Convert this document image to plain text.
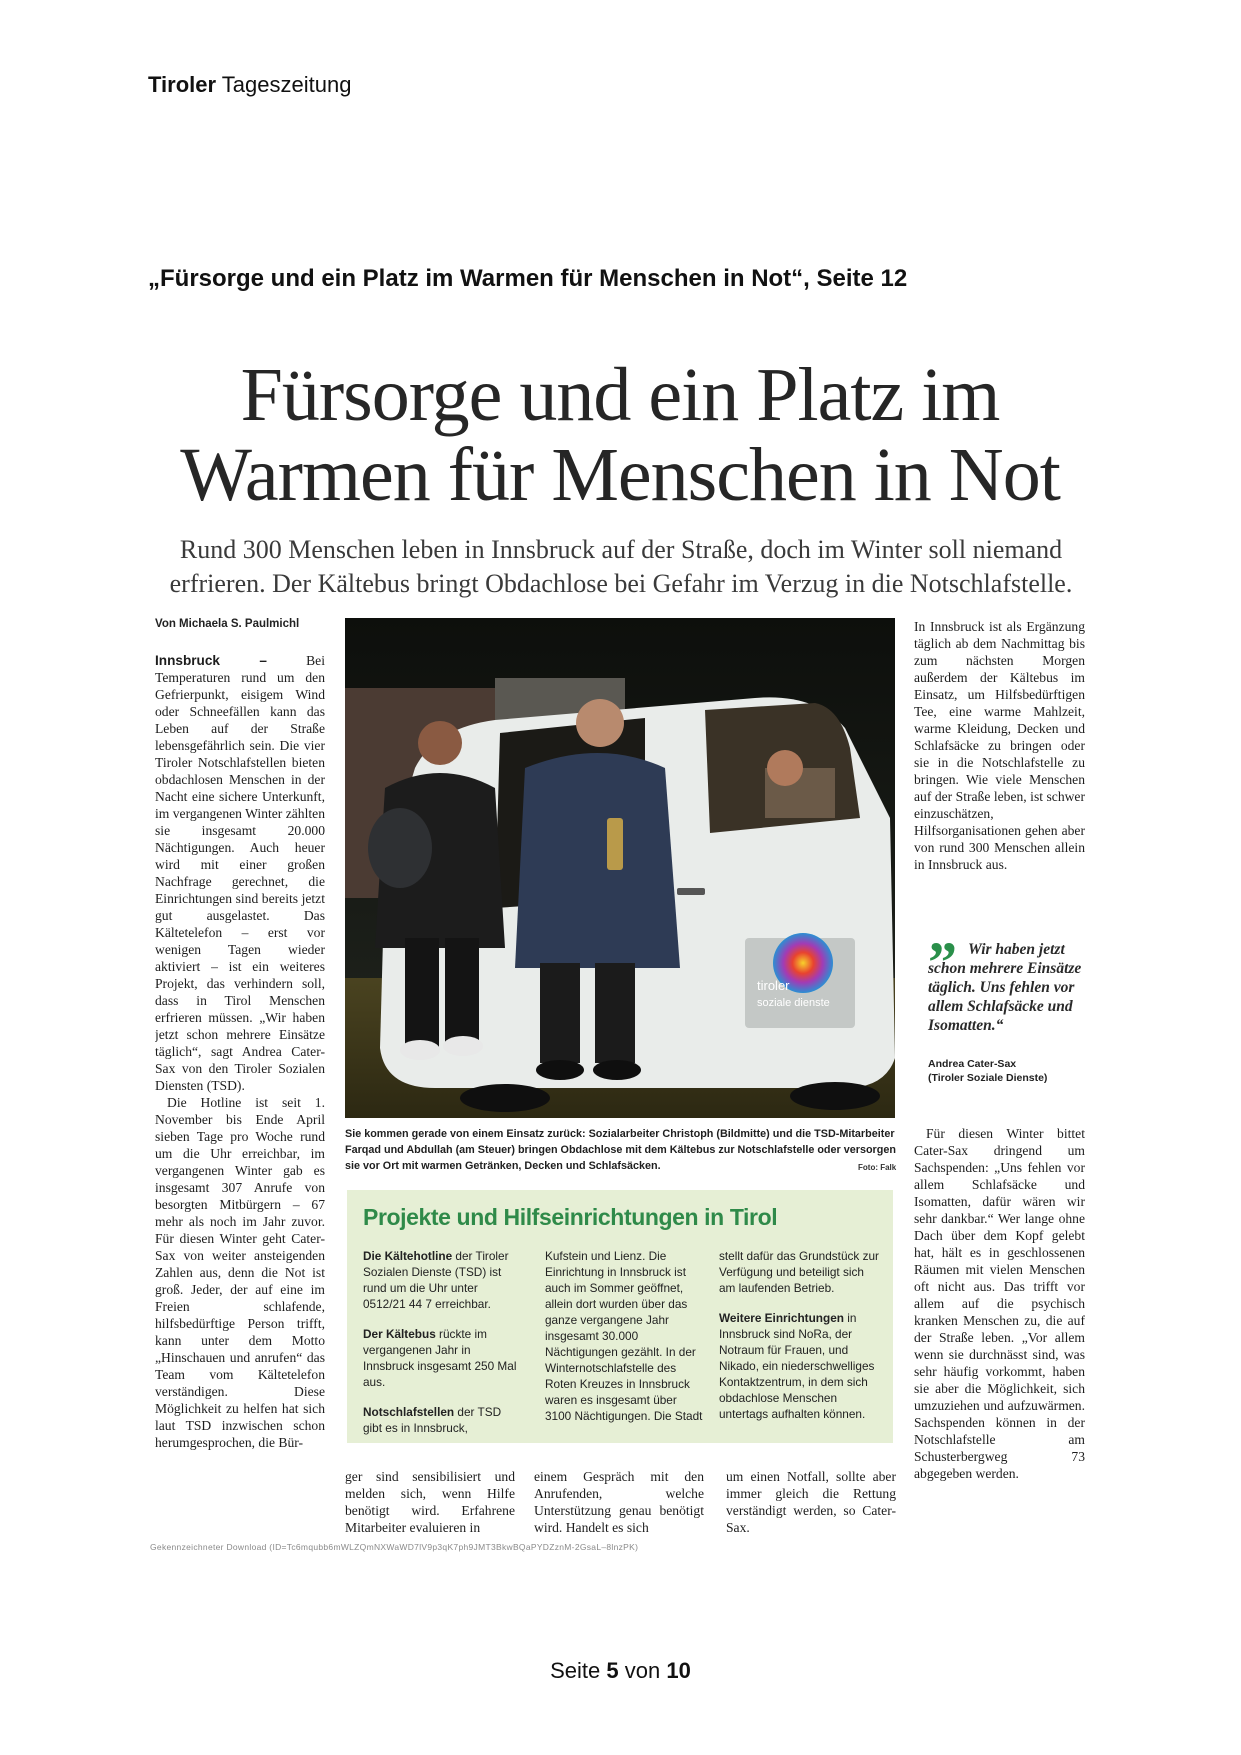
Tiroler Tageszeitung
„Fürsorge und ein Platz im Warmen für Menschen in Not“, Seite 12
Fürsorge und ein Platz im
Warmen für Menschen in Not
Rund 300 Menschen leben in Innsbruck auf der Straße, doch im Winter soll niemand erfrieren. Der Kältebus bringt Obdachlose bei Gefahr im Verzug in die Notschlafstelle.
Von Michaela S. Paulmichl

Innsbruck –	Bei Temperaturen rund um den Gefrierpunkt, eisigem Wind oder Schneefällen kann das Leben auf der Straße lebensgefährlich sein. Die vier Tiroler Notschlafstellen bieten obdachlosen Menschen in der Nacht eine sichere Unterkunft, im vergangenen Winter zählten sie insgesamt 20.000 Nächtigungen. Auch heuer wird mit einer großen Nachfrage gerechnet, die Einrichtungen sind bereits jetzt gut ausgelastet. Das Kältetelefon – erst vor wenigen Tagen wieder aktiviert – ist ein weiteres Projekt, das verhindern soll, dass in Tirol Menschen erfrieren müssen. „Wir haben jetzt schon mehrere Einsätze täglich“, sagt Andrea Cater-Sax von den Tiroler Sozialen Diensten (TSD).

Die Hotline ist seit 1. November bis Ende April sieben Tage pro Woche rund um die Uhr erreichbar, im vergangenen Winter gab es insgesamt 307 Anrufe von besorgten Mitbürgern – 67 mehr als noch im Jahr zuvor. Für diesen Winter geht Cater-Sax von weiter ansteigenden Zahlen aus, denn die Not ist groß. Jeder, der auf eine im Freien schlafende, hilfsbedürftige Person trifft, kann unter dem Motto „Hinschauen und anrufen“ das Team vom Kältetelefon verständigen. Diese Möglichkeit zu helfen hat sich laut TSD inzwischen schon herumgesprochen, die Bür-

tiroler
soziale dienste
Sie kommen gerade von einem Einsatz zurück: Sozialarbeiter Christoph (Bildmitte) und die TSD-Mitarbeiter Farqad und Abdullah (am Steuer) bringen Obdachlose mit dem Kältebus zur Notschlafstelle oder versorgen sie vor Ort mit warmen Getränken, Decken und Schlafsäcken.	Foto: Falk
Projekte und Hilfseinrichtungen in Tirol

Die Kältehotline der Tiroler Sozialen Dienste (TSD) ist rund um die Uhr unter 0512/21 44 7 erreichbar.

Der Kältebus rückte im vergangenen Jahr in Innsbruck insgesamt 250 Mal aus.

Notschlafstellen der TSD gibt es in Innsbruck,

Kufstein und Lienz. Die Einrichtung in Innsbruck ist auch im Sommer geöffnet, allein dort wurden über das ganze vergangene Jahr insgesamt 30.000 Nächtigungen gezählt. In der Winternotschlafstelle des Roten Kreuzes in Innsbruck waren es insgesamt über 3100 Nächtigungen. Die Stadt

stellt dafür das Grundstück zur Verfügung und beteiligt sich am laufenden Betrieb.

Weitere Einrichtungen in Innsbruck sind NoRa, der Notraum für Frauen, und Nikado, ein niederschwelliges Kontaktzentrum, in dem sich obdachlose Menschen untertags aufhalten können.

ger sind sensibilisiert und melden sich, wenn Hilfe benötigt wird. Erfahrene Mitarbeiter evaluieren in
einem Gespräch mit den Anrufenden, welche Unterstützung genau benötigt wird. Handelt es sich
um einen Notfall, sollte aber immer gleich die Rettung verständigt werden, so Cater-Sax.

In Innsbruck ist als Ergänzung täglich ab dem Nachmittag bis zum nächsten Morgen außerdem der Kältebus im Einsatz, um Hilfsbedürftigen Tee, eine warme Mahlzeit, warme Kleidung, Decken und Schlafsäcke zu bringen oder sie in die Notschlafstelle zu bringen. Wie viele Menschen auf der Straße leben, ist schwer einzuschätzen, Hilfsorganisationen gehen aber von rund 300 Menschen allein in Innsbruck aus.

” Wir haben jetzt schon mehrere Einsätze täglich. Uns fehlen vor allem Schlafsäcke und Isomatten.“
Andrea Cater-Sax
(Tiroler Soziale Dienste)

Für diesen Winter bittet Cater-Sax dringend um Sachspenden: „Uns fehlen vor allem Schlafsäcke und Isomatten, dafür wären wir sehr dankbar.“ Wer lange ohne Dach über dem Kopf gelebt hat, hält es in geschlossenen Räumen mit vielen Menschen oft nicht aus. Das trifft vor allem auf die psychisch kranken Menschen zu, die auf der Straße leben. „Vor allem wenn sie durchnässt sind, was sehr häufig vorkommt, haben sie aber die Möglichkeit, sich umzuziehen und aufzuwärmen. Sachspenden können in der Notschlafstelle am Schusterbergweg 73 abgegeben werden.

Gekennzeichneter Download (ID=Tc6mqubb6mWLZQmNXWaWD7lV9p3qK7ph9JMT3BkwBQaPYDZznM-2GsaL–8lnzPK)
Seite 5 von 10
